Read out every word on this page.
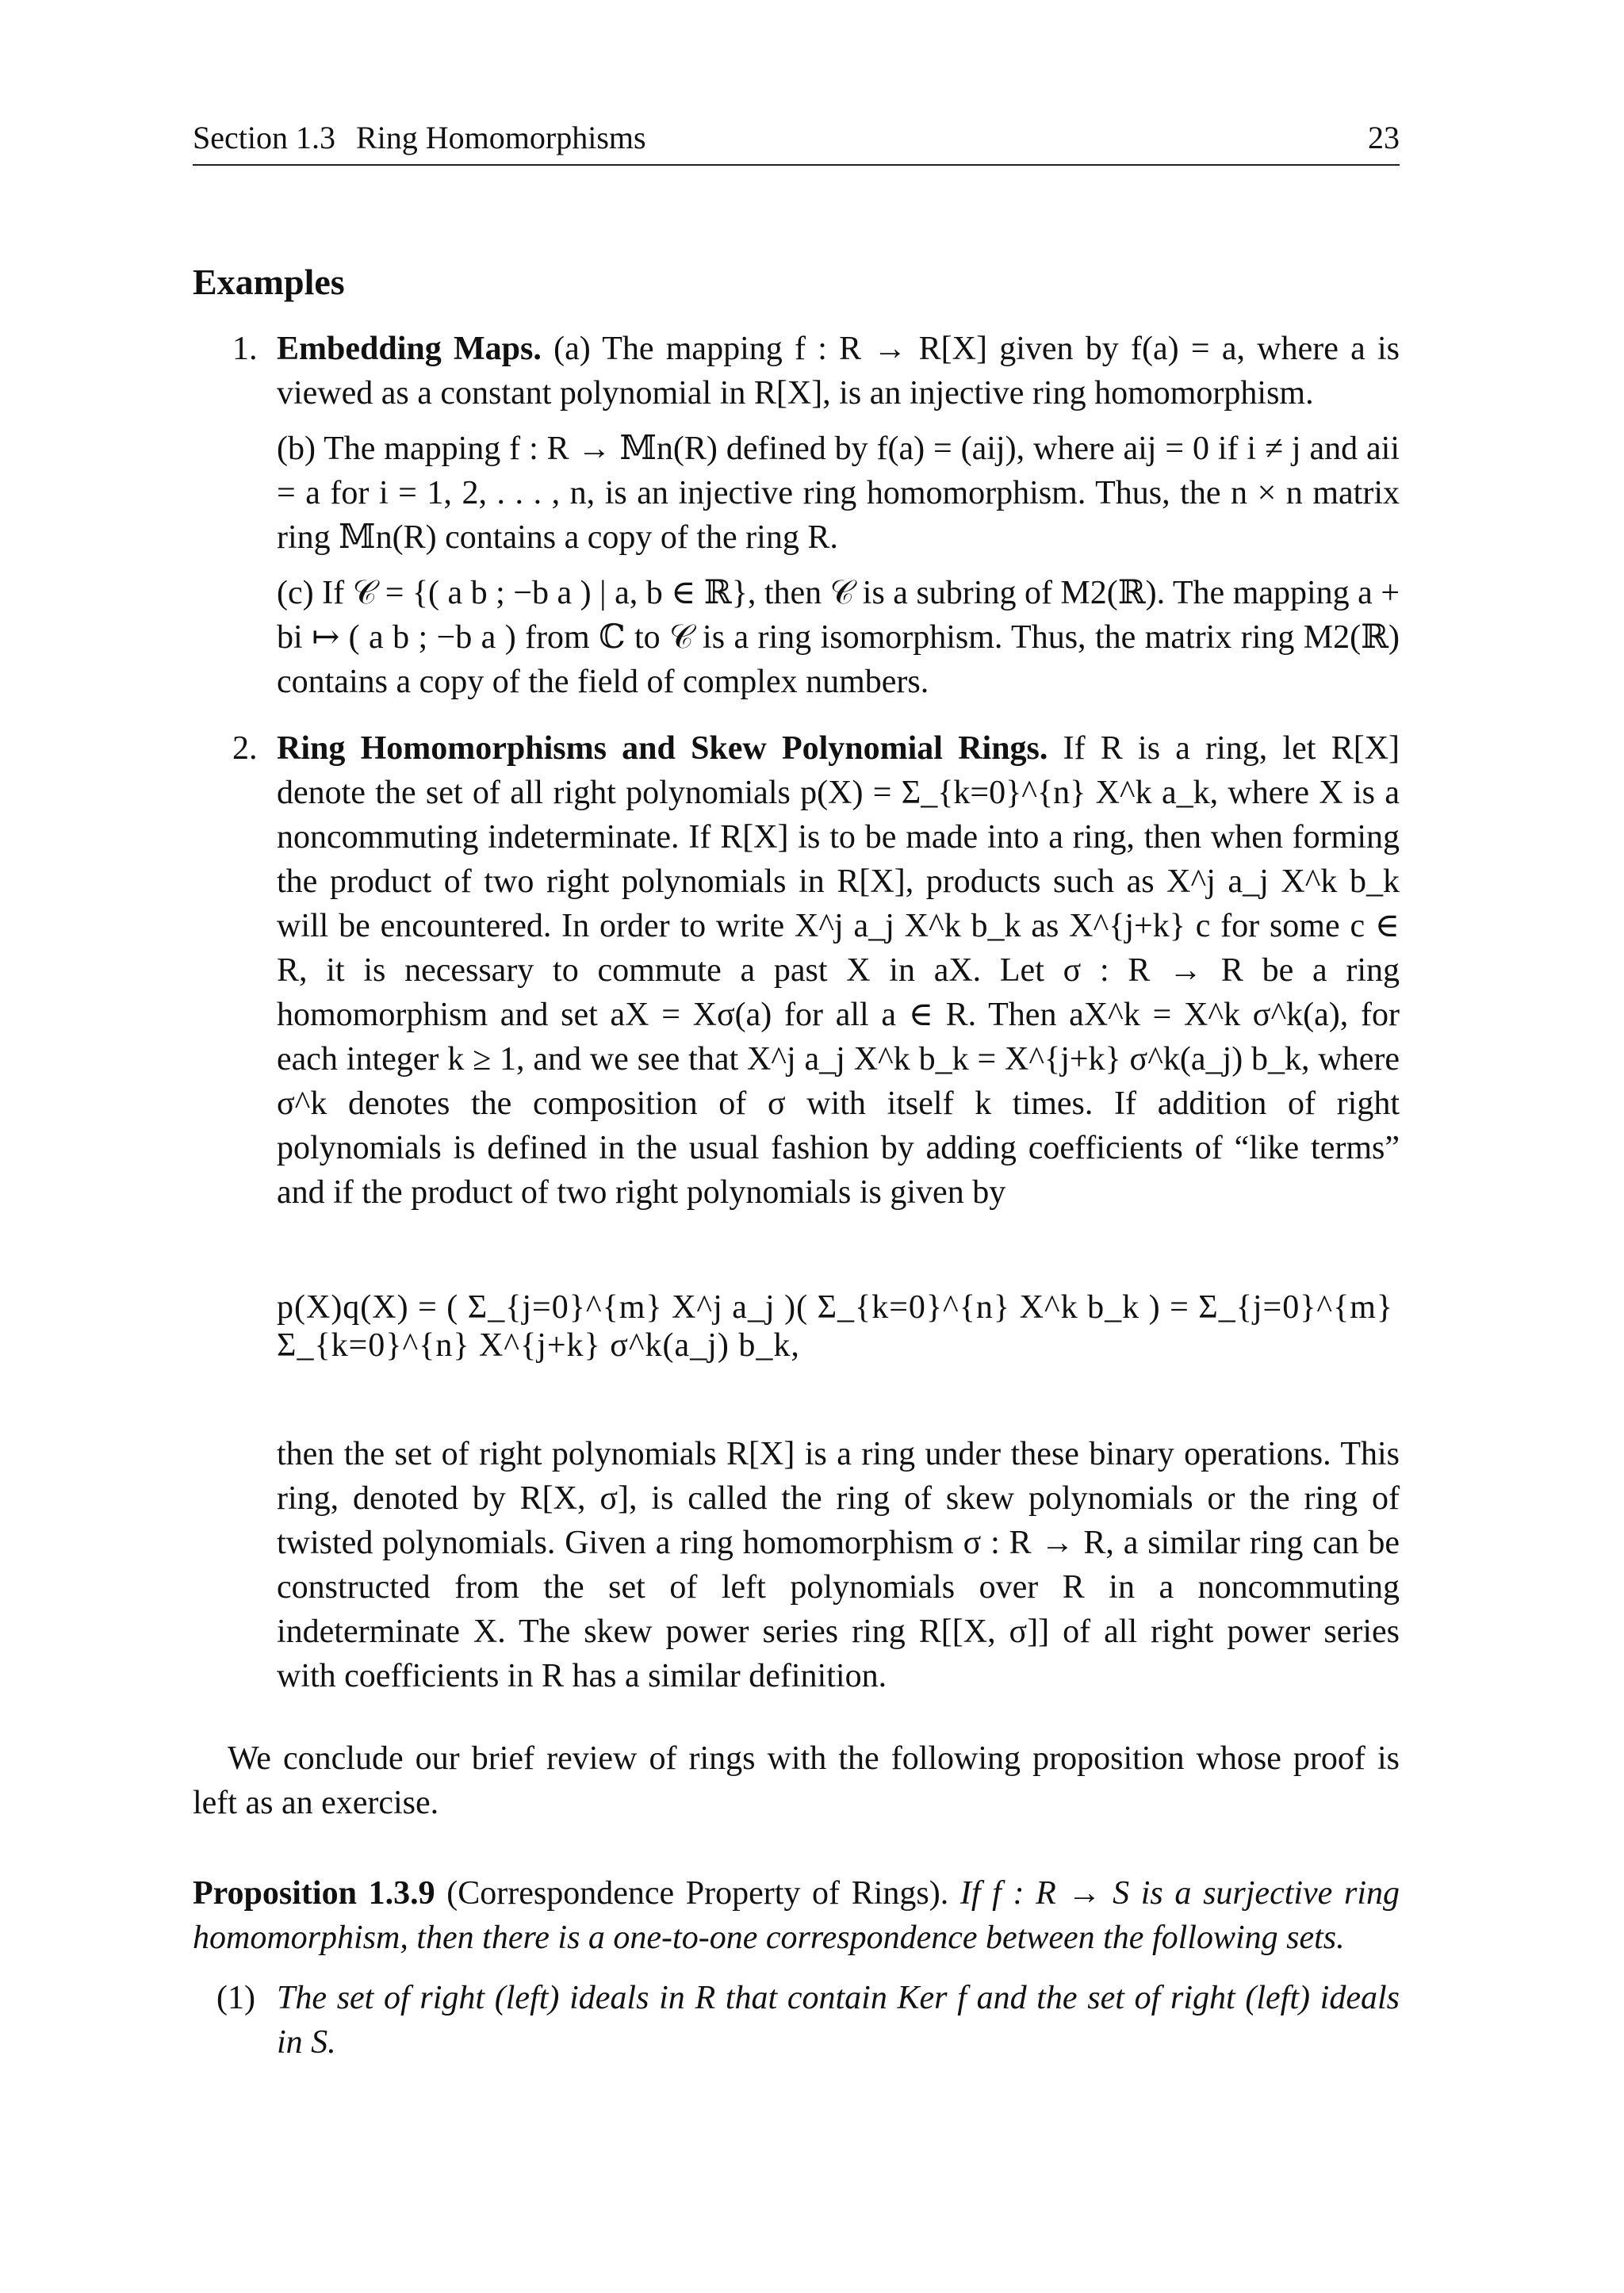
Section 1.3 Ring Homomorphisms	23
Examples
1. Embedding Maps. (a) The mapping f : R → R[X] given by f(a) = a, where a is viewed as a constant polynomial in R[X], is an injective ring homomorphism.

(b) The mapping f : R → 𝕄n(R) defined by f(a) = (aij), where aij = 0 if i ≠ j and aii = a for i = 1, 2, . . . , n, is an injective ring homomorphism. Thus, the n × n matrix ring 𝕄n(R) contains a copy of the ring R.

(c) If 𝒞 = {( a b ; −b a ) | a, b ∈ ℝ}, then 𝒞 is a subring of M2(ℝ). The mapping a + bi ↦ ( a b ; −b a ) from ℂ to 𝒞 is a ring isomorphism. Thus, the matrix ring M2(ℝ) contains a copy of the field of complex numbers.

2. Ring Homomorphisms and Skew Polynomial Rings. If R is a ring, let R[X] denote the set of all right polynomials p(X) = Σ_{k=0}^{n} X^k a_k, where X is a noncommuting indeterminate. If R[X] is to be made into a ring, then when forming the product of two right polynomials in R[X], products such as X^j a_j X^k b_k will be encountered. In order to write X^j a_j X^k b_k as X^{j+k} c for some c ∈ R, it is necessary to commute a past X in aX. Let σ : R → R be a ring homomorphism and set aX = Xσ(a) for all a ∈ R. Then aX^k = X^k σ^k(a), for each integer k ≥ 1, and we see that X^j a_j X^k b_k = X^{j+k} σ^k(a_j) b_k, where σ^k denotes the composition of σ with itself k times. If addition of right polynomials is defined in the usual fashion by adding coefficients of “like terms” and if the product of two right polynomials is given by

p(X)q(X) = ( Σ_{j=0}^{m} X^j a_j )( Σ_{k=0}^{n} X^k b_k ) = Σ_{j=0}^{m} Σ_{k=0}^{n} X^{j+k} σ^k(a_j) b_k,

then the set of right polynomials R[X] is a ring under these binary operations. This ring, denoted by R[X, σ], is called the ring of skew polynomials or the ring of twisted polynomials. Given a ring homomorphism σ : R → R, a similar ring can be constructed from the set of left polynomials over R in a noncommuting indeterminate X. The skew power series ring R[[X, σ]] of all right power series with coefficients in R has a similar definition.

We conclude our brief review of rings with the following proposition whose proof is left as an exercise.

Proposition 1.3.9 (Correspondence Property of Rings). If f : R → S is a surjective ring homomorphism, then there is a one-to-one correspondence between the following sets.

(1) The set of right (left) ideals in R that contain Ker f and the set of right (left) ideals in S.
